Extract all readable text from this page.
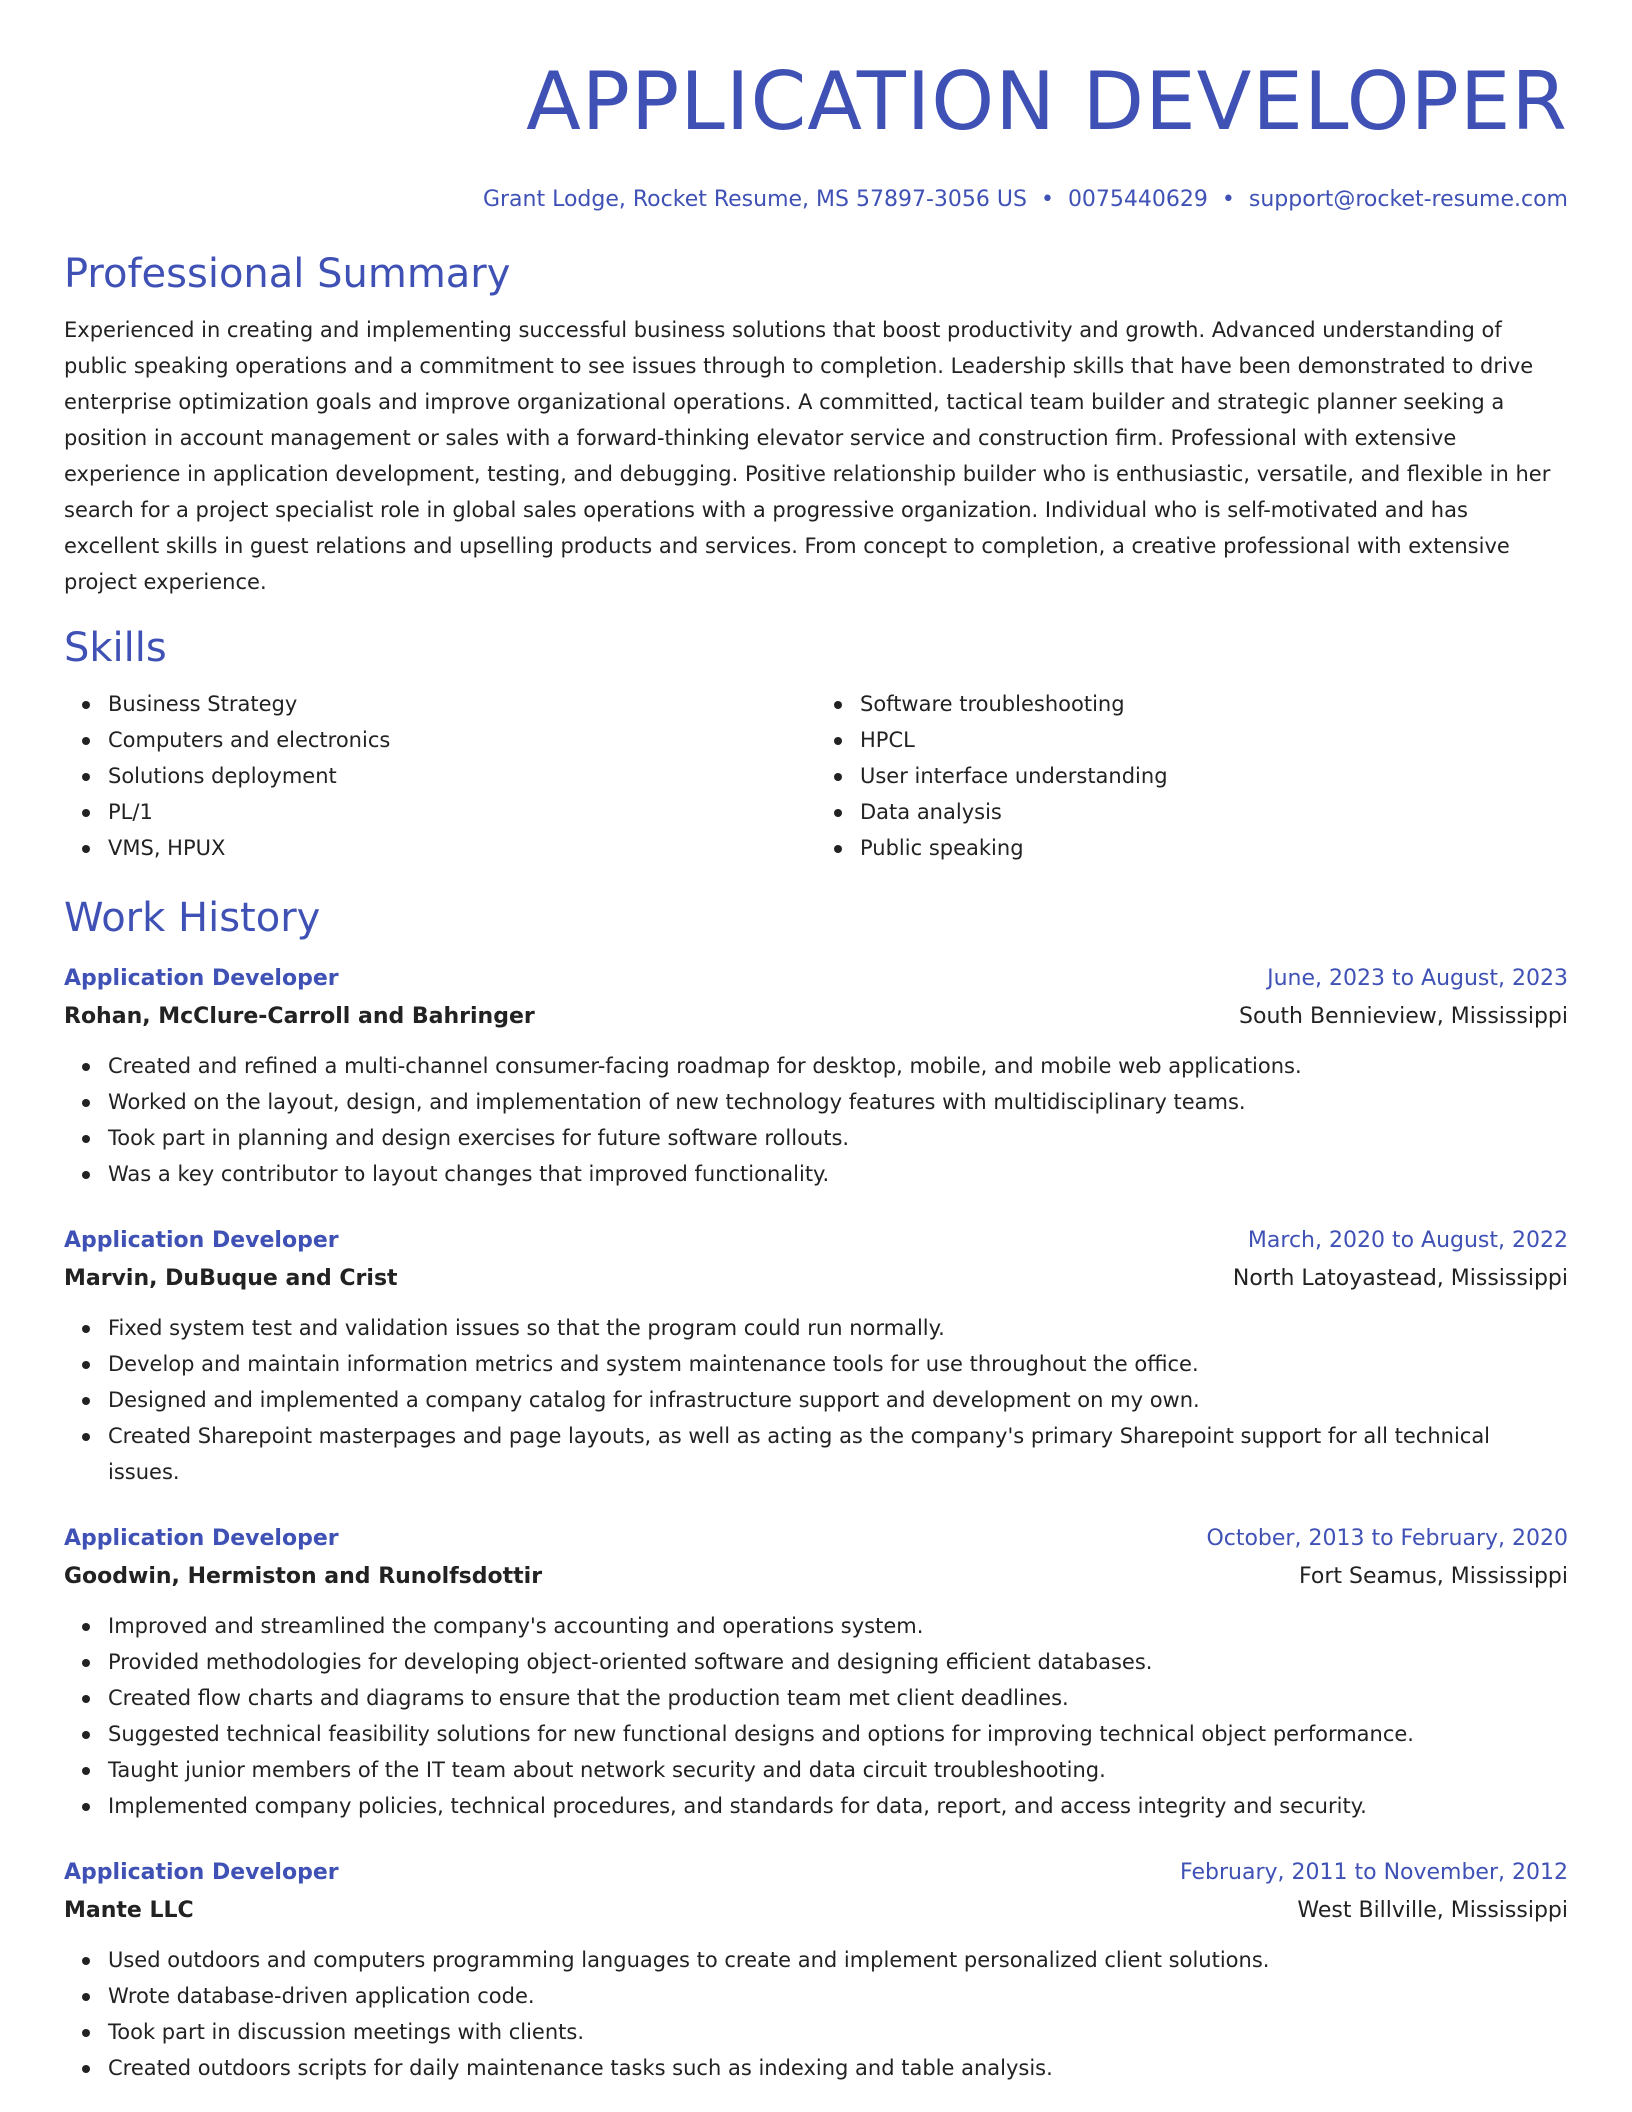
APPLICATION DEVELOPER
Grant Lodge, Rocket Resume, MS 57897-3056 US • 0075440629 • support@rocket-resume.com
Professional Summary

Experienced in creating and implementing successful business solutions that boost productivity and growth. Advanced understanding of public speaking operations and a commitment to see issues through to completion. Leadership skills that have been demonstrated to drive enterprise optimization goals and improve organizational operations. A committed, tactical team builder and strategic planner seeking a position in account management or sales with a forward-thinking elevator service and construction firm. Professional with extensive experience in application development, testing, and debugging. Positive relationship builder who is enthusiastic, versatile, and flexible in her search for a project specialist role in global sales operations with a progressive organization. Individual who is self-motivated and has excellent skills in guest relations and upselling products and services. From concept to completion, a creative professional with extensive project experience.

Skills
Business Strategy
Computers and electronics
Solutions deployment
PL/1
VMS, HPUX
Software troubleshooting
HPCL
User interface understanding
Data analysis
Public speaking
Work History
Application Developer	June, 2023 to August, 2023
Rohan, McClure-Carroll and Bahringer	South Bennieview, Mississippi
Created and refined a multi-channel consumer-facing roadmap for desktop, mobile, and mobile web applications.
Worked on the layout, design, and implementation of new technology features with multidisciplinary teams.
Took part in planning and design exercises for future software rollouts.
Was a key contributor to layout changes that improved functionality.
Application Developer	March, 2020 to August, 2022
Marvin, DuBuque and Crist	North Latoyastead, Mississippi
Fixed system test and validation issues so that the program could run normally.
Develop and maintain information metrics and system maintenance tools for use throughout the office.
Designed and implemented a company catalog for infrastructure support and development on my own.
Created Sharepoint masterpages and page layouts, as well as acting as the company's primary Sharepoint support for all technical issues.
Application Developer	October, 2013 to February, 2020
Goodwin, Hermiston and Runolfsdottir	Fort Seamus, Mississippi
Improved and streamlined the company's accounting and operations system.
Provided methodologies for developing object-oriented software and designing efficient databases.
Created flow charts and diagrams to ensure that the production team met client deadlines.
Suggested technical feasibility solutions for new functional designs and options for improving technical object performance.
Taught junior members of the IT team about network security and data circuit troubleshooting.
Implemented company policies, technical procedures, and standards for data, report, and access integrity and security.
Application Developer	February, 2011 to November, 2012
Mante LLC	West Billville, Mississippi
Used outdoors and computers programming languages to create and implement personalized client solutions.
Wrote database-driven application code.
Took part in discussion meetings with clients.
Created outdoors scripts for daily maintenance tasks such as indexing and table analysis.
